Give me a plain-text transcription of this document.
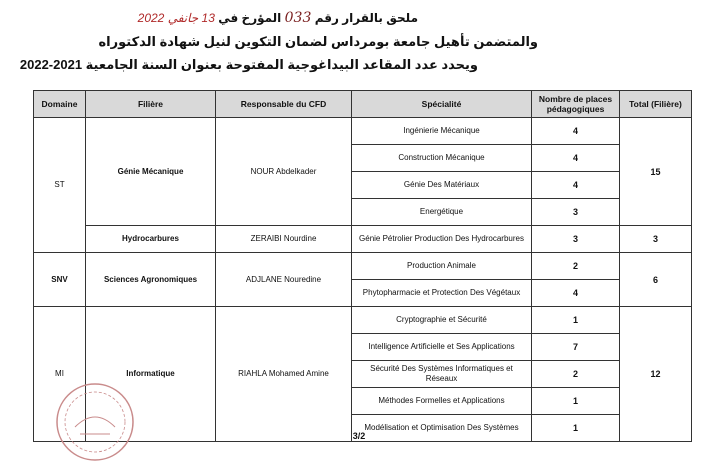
ملحق بالقرار رقم 033 المؤرخ في 13 جانفي 2022
والمتضمن تأهيل جامعة بومرداس لضمان التكوين لنيل شهادة الدكتوراه
ويحدد عدد المقاعد البيداغوجية المفتوحة بعنوان السنة الجامعية 2021-2022
Domaine	Filière	Responsable du CFD	Spécialité	Nombre de places pédagogiques	Total (Filière)
ST	Génie Mécanique	NOUR Abdelkader	Ingénierie Mécanique	4	15
			Construction Mécanique	4	
			Génie Des Matériaux	4	
			Energétique	3	
	Hydrocarbures	ZERAIBI Nourdine	Génie Pétrolier Production Des Hydrocarbures	3	3
SNV	Sciences Agronomiques	ADJLANE Nouredine	Production Animale	2	6
			Phytopharmacie et Protection Des Végétaux	4	
MI	Informatique	RIAHLA Mohamed Amine	Cryptographie et Sécurité	1	12
			Intelligence Artificielle et Ses Applications	7	
			Sécurité Des Systèmes Informatiques et Réseaux	2	
			Méthodes Formelles et Applications	1	
			Modélisation et Optimisation Des Systèmes	1	
3/2
